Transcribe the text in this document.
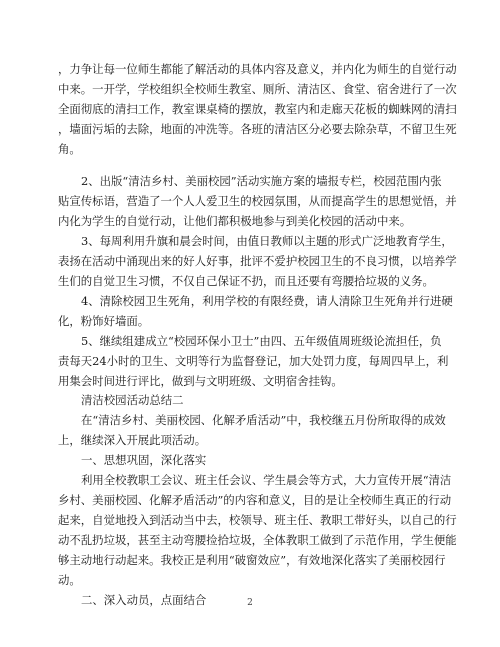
，力争让每一位师生都能了解活动的具体内容及意义，并内化为师生的自觉行动
中来。一开学，学校组织全校师生教室、厕所、清洁区、食堂、宿舍进行了一次
全面彻底的清扫工作，教室课桌椅的摆放，教室内和走廊天花板的蜘蛛网的清扫
，墙面污垢的去除，地面的冲洗等。各班的清洁区分必要去除杂草，不留卫生死
角。
2、出版“清洁乡村、美丽校园”活动实施方案的墙报专栏，校园范围内张
贴宣传标语，营造了一个人人爱卫生的校园氛围，从而提高学生的思想觉悟，并
内化为学生的自觉行动，让他们都积极地参与到美化校园的活动中来。
3、每周利用升旗和晨会时间，由值日教师以主题的形式广泛地教育学生，
表扬在活动中涌现出来的好人好事，批评不爱护校园卫生的不良习惯，以培养学
生们的自觉卫生习惯，不仅自己保证不扔，而且还要有弯腰拾垃圾的义务。
4、清除校园卫生死角，利用学校的有限经费，请人清除卫生死角并行进硬
化，粉饰好墙面。
5、继续组建成立“校园环保小卫士”由四、五年级值周班级论流担任，负
责每天24小时的卫生、文明等行为监督登记，加大处罚力度，每周四早上，利
用集会时间进行评比，做到与文明班级、文明宿舍挂钩。
清洁校园活动总结二
在“清洁乡村、美丽校园、化解矛盾活动”中，我校继五月份所取得的成效
上，继续深入开展此项活动。
一、思想巩固，深化落实
利用全校教职工会议、班主任会议、学生晨会等方式，大力宣传开展“清洁
乡村、美丽校园、化解矛盾活动”的内容和意义，目的是让全校师生真正的行动
起来，自觉地投入到活动当中去，校领导、班主任、教职工带好头，以自己的行
动不乱扔垃圾，甚至主动弯腰捡拾垃圾，全体教职工做到了示范作用，学生便能
够主动地行动起来。我校正是利用“破窗效应”，有效地深化落实了美丽校园行
动。
二、深入动员，点面结合	2
